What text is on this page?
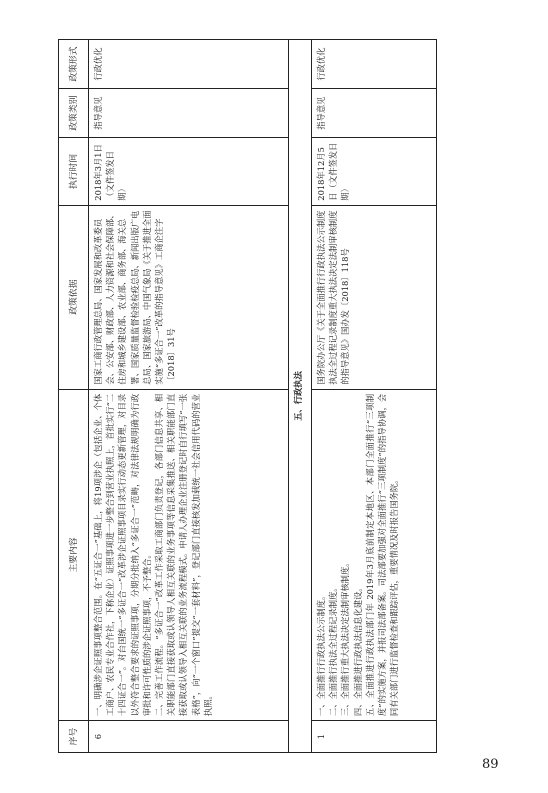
序号	主要内容	政策依据	执行时间	政策类别	政策形式
6	一、明确涉企证照事项整合范围。在“五证合一”基础上，将19项涉企（包括企业、个体工商户、农民专业合作社，下称企业）证照事项进一步整合到营业执照上，首批实行“二十四证合一”。对台国统一“多证合一”改革涉企证照事项目录实行动态更新管理，对目录以外符合整合要求的证照事项，分期分批纳入“多证合一”范畴，对法律法规明确为行政审批和许可性质的涉企证照事项，不予整合。 二、完善工作流程。“多证合一”改革工作采取工商部门负责登记，各部门信息共享、相关职能部门直接获取或认领导人相互关联的业务事项等信息采集推送、相关职能部门直接获取或认领导入相互关联的业务流程模式。申请人办理企业注册登记时自行填写“一张表格”，向“一个窗口”提交“一套材料”，登记部门直接核发加载统一社会信用代码的营业执照。	国家工商行政管理总局、国家发展和改革委员会、公安部、财政部、人力资源和社会保障部、住房和城乡建设部、农业部、商务部、海关总署、国家质量监督检验检疫总局、新闻出版广电总局、国家旅游局、中国气象局《关于推进全面实施“多证合一”改革的指导意见》工商企注字〔2018〕31号	2018年3月1日（文件签发日期）	指导意见	行政优化
五、行政执法					
1	一、全面推行行政执法公示制度。 二、全面推行执法全过程记录制度。 三、全面推行重大执法决定法制审核制度。 四、全面推进行政执法信息化建设。 五、全面推进行政执法部门年 2019年3月底前制定本地区、本部门全面推行“三项制度”的实施方案，并报司法部备案。司法部要加强对全面推行“三项制度”的指导协调，会同有关部门进行监督检查和跟踪评估，重要情况及时报告国务院。	国务院办公厅《关于全面推行行政执法公示制度执法全过程记录制度重大执法决定法制审核制度的指导意见》国办发〔2018〕118号	2018年12月5日（文件签发日期）	指导意见	行政优化
89
